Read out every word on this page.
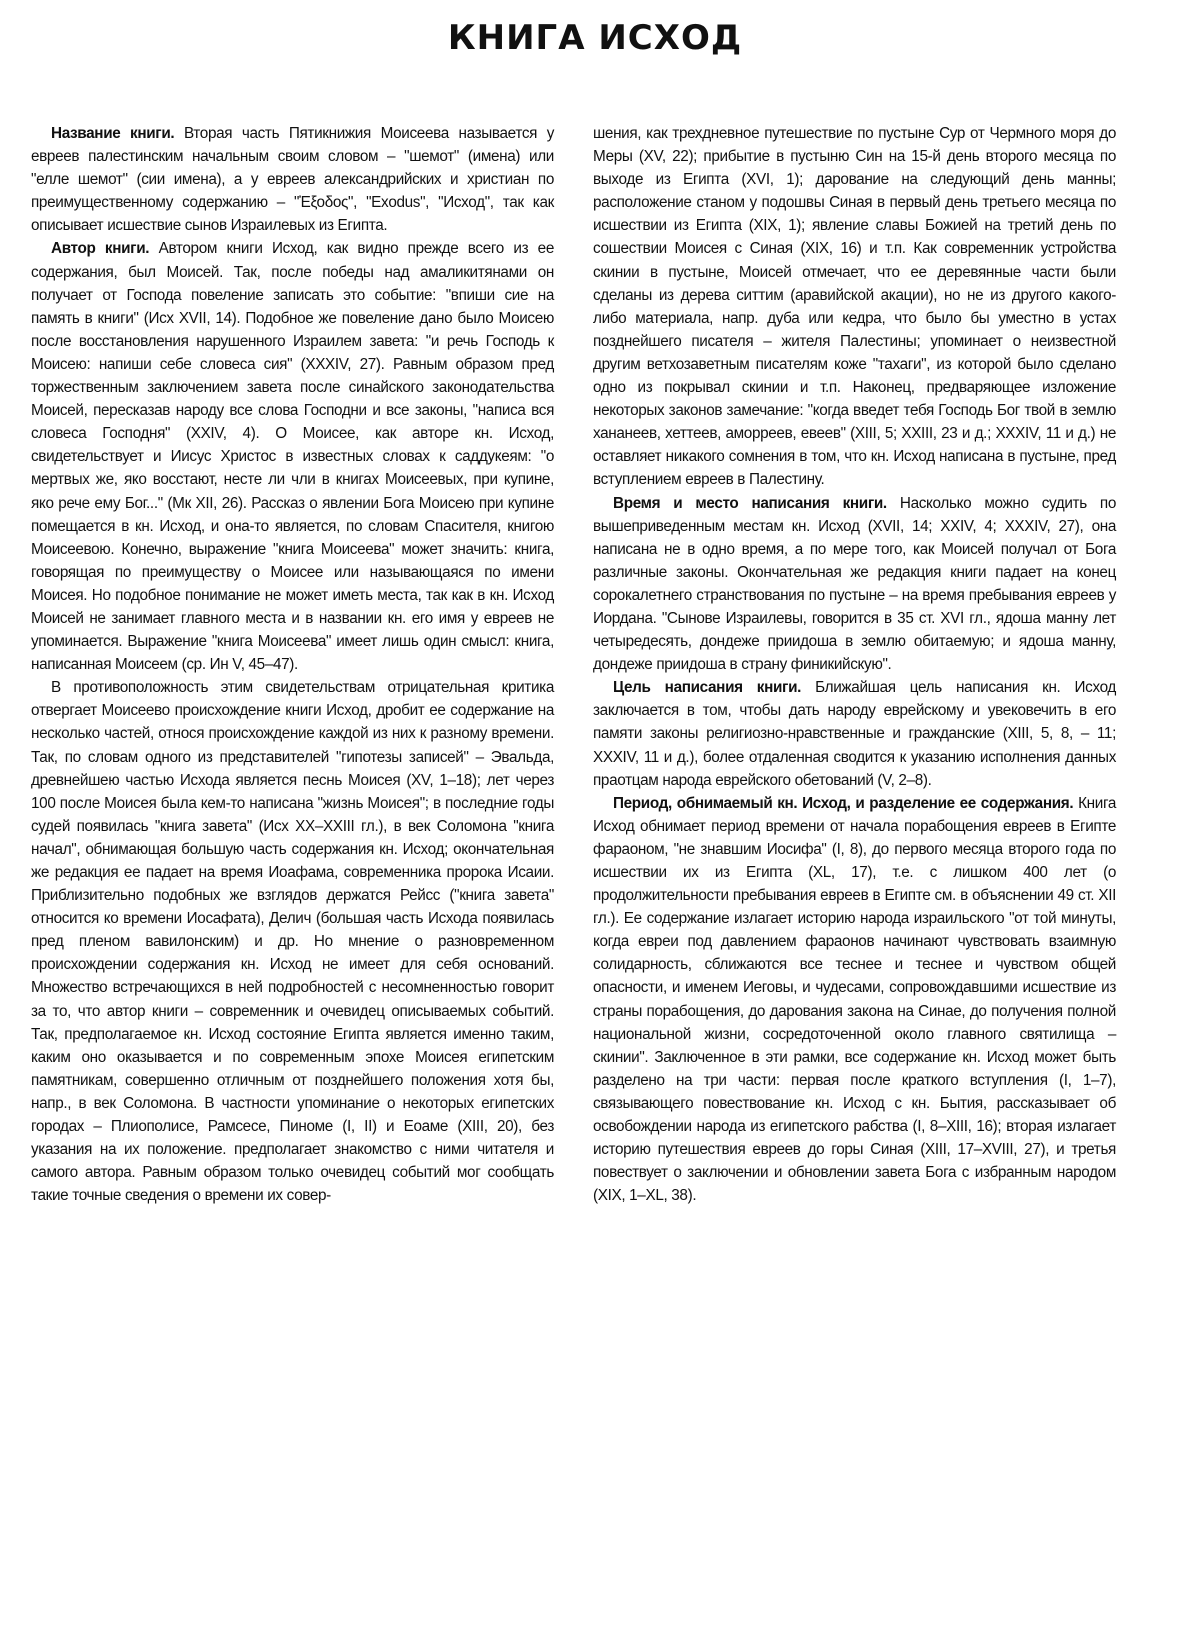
КНИГА ИСХОД

Название книги. Вторая часть Пятикнижия Моисеева называется у евреев палестинским начальным своим словом – "шемот" (имена) или "елле шемот" (сии имена), а у евреев александрийских и христиан по преимущественному содержанию – "Ἐξοδος", "Exodus", "Исход", так как описывает исшествие сынов Израилевых из Египта.

Автор книги. Автором книги Исход, как видно прежде всего из ее содержания, был Моисей. Так, после победы над амаликитянами он получает от Господа повеление записать это событие: "впиши сие на память в книги" (Исх XVII, 14). Подобное же повеление дано было Моисею после восстановления нарушенного Израилем завета: "и речь Господь к Моисею: напиши себе словеса сия" (XXXIV, 27). Равным образом пред торжественным заключением завета после синайского законодательства Моисей, пересказав народу все слова Господни и все законы, "написа вся словеса Господня" (XXIV, 4). О Моисее, как авторе кн. Исход, свидетельствует и Иисус Христос в известных словах к саддукеям: "о мертвых же, яко восстают, несте ли чли в книгах Моисеевых, при купине, яко рече ему Бог..." (Мк XII, 26). Рассказ о явлении Бога Моисею при купине помещается в кн. Исход, и она-то является, по словам Спасителя, книгою Моисеевою. Конечно, выражение "книга Моисеева" может значить: книга, говорящая по преимуществу о Моисее или называющаяся по имени Моисея. Но подобное понимание не может иметь места, так как в кн. Исход Моисей не занимает главного места и в названии кн. его имя у евреев не упоминается. Выражение "книга Моисеева" имеет лишь один смысл: книга, написанная Моисеем (ср. Ин V, 45–47).

В противоположность этим свидетельствам отрицательная критика отвергает Моисеево происхождение книги Исход, дробит ее содержание на несколько частей, относя происхождение каждой из них к разному времени. Так, по словам одного из представителей "гипотезы записей" – Эвальда, древнейшею частью Исхода является песнь Моисея (XV, 1–18); лет через 100 после Моисея была кем-то написана "жизнь Моисея"; в последние годы судей появилась "книга завета" (Исх XX–XXIII гл.), в век Соломона "книга начал", обнимающая большую часть содержания кн. Исход; окончательная же редакция ее падает на время Иоафама, современника пророка Исаии. Приблизительно подобных же взглядов держатся Рейсс ("книга завета" относится ко времени Иосафата), Делич (большая часть Исхода появилась пред пленом вавилонским) и др. Но мнение о разновременном происхождении содержания кн. Исход не имеет для себя оснований. Множество встречающихся в ней подробностей с несомненностью говорит за то, что автор книги – современник и очевидец описываемых событий. Так, предполагаемое кн. Исход состояние Египта является именно таким, каким оно оказывается и по современным эпохе Моисея египетским памятникам, совершенно отличным от позднейшего положения хотя бы, напр., в век Соломона. В частности упоминание о некоторых египетских городах – Плиополисе, Рамсесе, Пиноме (I, II) и Еоаме (XIII, 20), без указания на их положение. предполагает знакомство с ними читателя и самого автора. Равным образом только очевидец событий мог сообщать такие точные сведения о времени их совер-

шения, как трехдневное путешествие по пустыне Сур от Чермного моря до Меры (XV, 22); прибытие в пустыню Син на 15-й день второго месяца по выходе из Египта (XVI, 1); дарование на следующий день манны; расположение станом у подошвы Синая в первый день третьего месяца по исшествии из Египта (XIX, 1); явление славы Божией на третий день по сошествии Моисея с Синая (XIX, 16) и т.п. Как современник устройства скинии в пустыне, Моисей отмечает, что ее деревянные части были сделаны из дерева ситтим (аравийской акации), но не из другого какого-либо материала, напр. дуба или кедра, что было бы уместно в устах позднейшего писателя – жителя Палестины; упоминает о неизвестной другим ветхозаветным писателям коже "тахаги", из которой было сделано одно из покрывал скинии и т.п. Наконец, предваряющее изложение некоторых законов замечание: "когда введет тебя Господь Бог твой в землю хананеев, хеттеев, аморреев, евеев" (XIII, 5; XXIII, 23 и д.; XXXIV, 11 и д.) не оставляет никакого сомнения в том, что кн. Исход написана в пустыне, пред вступлением евреев в Палестину.

Время и место написания книги. Насколько можно судить по вышеприведенным местам кн. Исход (XVII, 14; XXIV, 4; XXXIV, 27), она написана не в одно время, а по мере того, как Моисей получал от Бога различные законы. Окончательная же редакция книги падает на конец сорокалетнего странствования по пустыне – на время пребывания евреев у Иордана. "Сынове Израилевы, говорится в 35 ст. XVI гл., ядоша манну лет четыредесять, дондеже приидоша в землю обитаемую; и ядоша манну, дондеже приидоша в страну финикийскую".

Цель написания книги. Ближайшая цель написания кн. Исход заключается в том, чтобы дать народу еврейскому и увековечить в его памяти законы религиозно-нравственные и гражданские (XIII, 5, 8, – 11; XXXIV, 11 и д.), более отдаленная сводится к указанию исполнения данных праотцам народа еврейского обетований (V, 2–8).

Период, обнимаемый кн. Исход, и разделение ее содержания. Книга Исход обнимает период времени от начала порабощения евреев в Египте фараоном, "не знавшим Иосифа" (I, 8), до первого месяца второго года по исшествии их из Египта (XL, 17), т.е. с лишком 400 лет (о продолжительности пребывания евреев в Египте см. в объяснении 49 ст. XII гл.). Ее содержание излагает историю народа израильского "от той минуты, когда евреи под давлением фараонов начинают чувствовать взаимную солидарность, сближаются все теснее и теснее и чувством общей опасности, и именем Иеговы, и чудесами, сопровождавшими исшествие из страны порабощения, до дарования закона на Синае, до получения полной национальной жизни, сосредоточенной около главного святилища – скинии". Заключенное в эти рамки, все содержание кн. Исход может быть разделено на три части: первая после краткого вступления (I, 1–7), связывающего повествование кн. Исход с кн. Бытия, рассказывает об освобождении народа из египетского рабства (I, 8–XIII, 16); вторая излагает историю путешествия евреев до горы Синая (XIII, 17–XVIII, 27), и третья повествует о заключении и обновлении завета Бога с избранным народом (XIX, 1–XL, 38).
